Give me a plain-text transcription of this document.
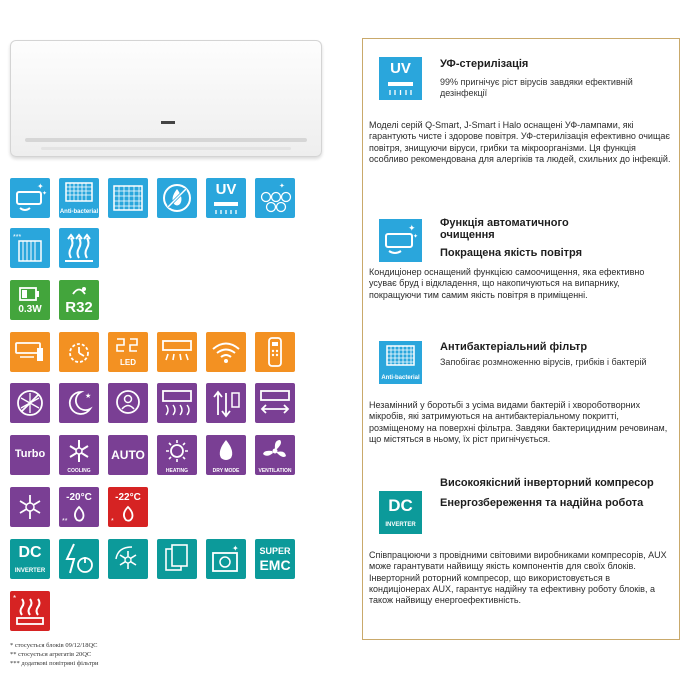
✦
✦
Anti-bacterial
UV	✦
***
0.3W	R32
LED
★
Turbo
COOLING
AUTO
HEATING	DRY MODE	VENTILATION
-20°C
**
-22°C
*
DC
INVERTER
✦	SUPER
EMC
*
* стосується блоків 09/12/18QC
** стосується агрегатів 20QC
*** додаткові повітряні фільтри
UV	УФ-стерилізація
99% пригнічує ріст вірусів завдяки ефективній дезінфекції
Моделі серій Q-Smart, J-Smart і Halo оснащені УФ-лампами, які гарантують чисте і здорове повітря. УФ-стерилізація ефективно очищає повітря, знищуючи віруси, грибки та мікроорганізми. Ця функція особливо рекомендована для алергіків та людей, схильних до інфекцій.
✦
✦
Функція автоматичного
очищення
Покращена якість повітря
Кондиціонер оснащений функцією самоочищення, яка ефективно усуває бруд і відкладення, що накопичуються на випарнику, покращуючи тим самим якість повітря в приміщенні.
Anti-bacterial
Антибактеріальний фільтр
Запобігає розмноженню вірусів, грибків і бактерій
Незамінний у боротьбі з усіма видами бактерій і хвороботворних мікробів, які затримуються на антибактеріальному покритті, розміщеному на поверхні фільтра. Завдяки бактерицидним речовинам, що містяться в ньому, їх ріст пригнічується.
DC
INVERTER
Високоякісний інверторний компресор
Енергозбереження та надійна робота
Співпрацюючи з провідними світовими виробниками компресорів, AUX може гарантувати найвищу якість компонентів для своїх блоків. Інверторний роторний компресор, що використовується в кондиціонерах AUX, гарантує надійну та ефективну роботу блоків, а також найвищу енергоефективність.
